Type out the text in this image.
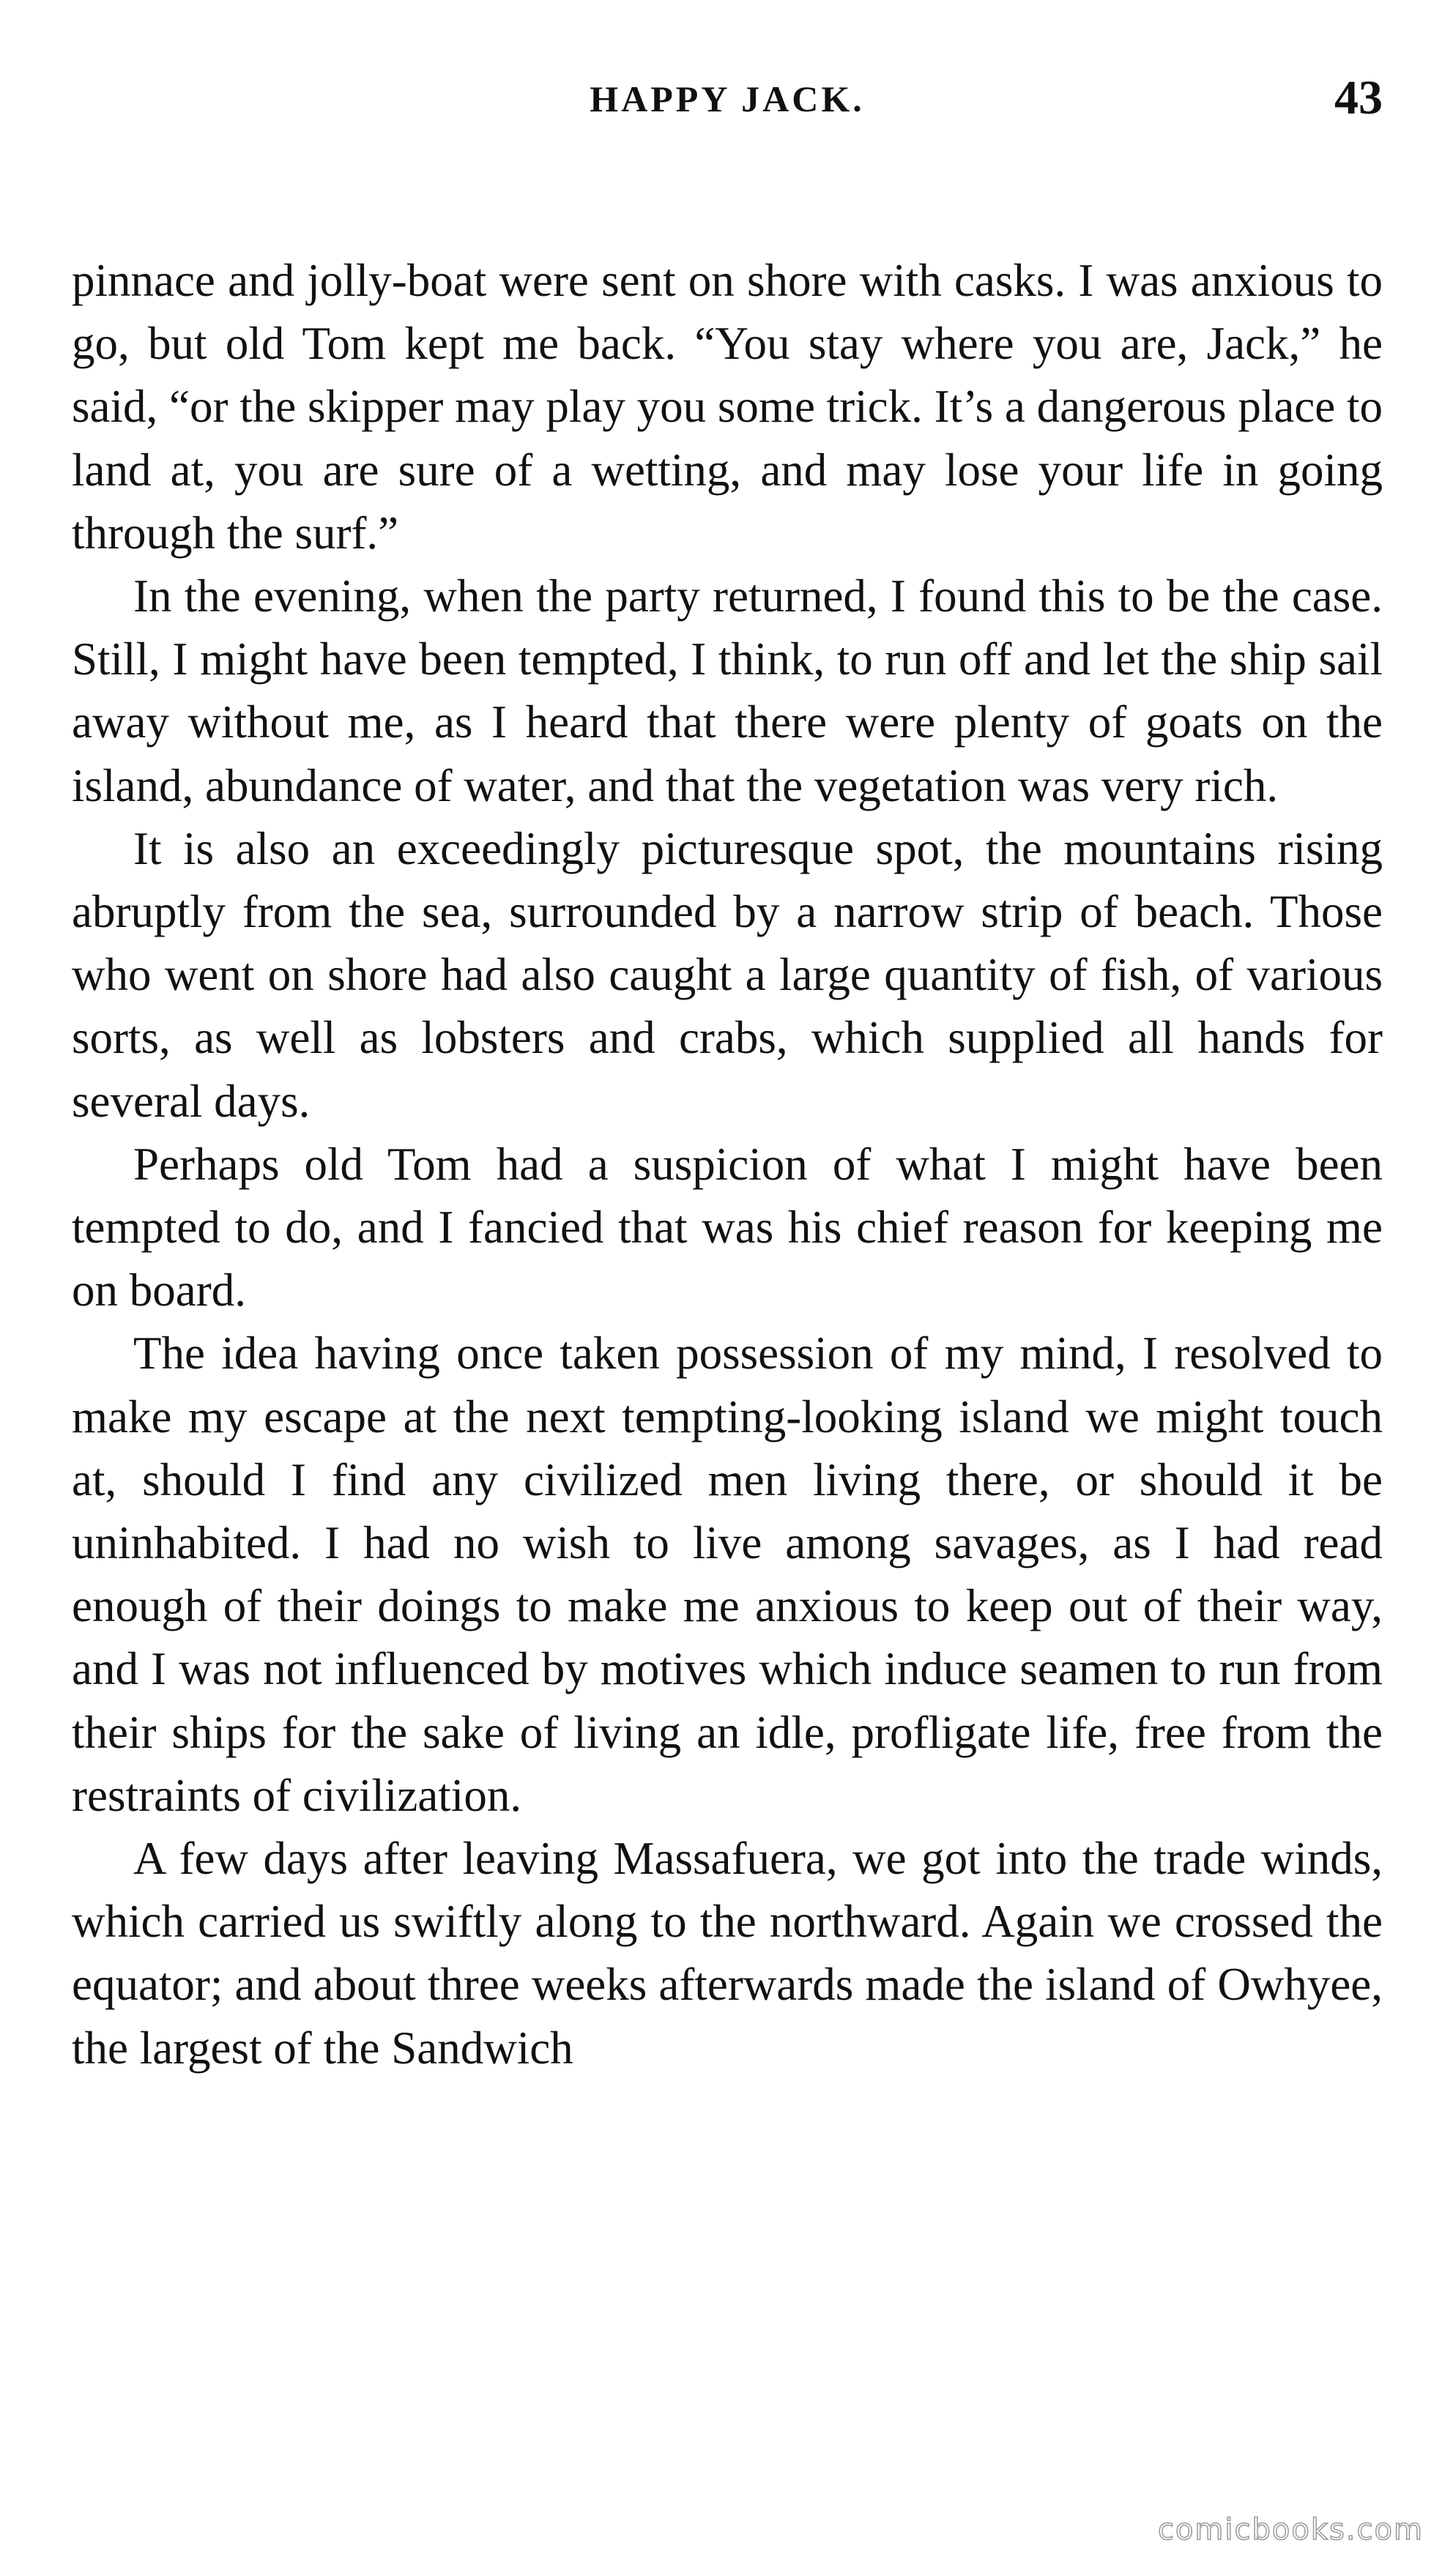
HAPPY JACK.	43

pinnace and jolly-boat were sent on shore with casks. I was anxious to go, but old Tom kept me back. “You stay where you are, Jack,” he said, “or the skipper may play you some trick. It’s a dangerous place to land at, you are sure of a wetting, and may lose your life in going through the surf.”

In the evening, when the party returned, I found this to be the case. Still, I might have been tempted, I think, to run off and let the ship sail away without me, as I heard that there were plenty of goats on the island, abundance of water, and that the vegetation was very rich.

It is also an exceedingly picturesque spot, the mountains rising abruptly from the sea, surrounded by a narrow strip of beach. Those who went on shore had also caught a large quantity of fish, of various sorts, as well as lobsters and crabs, which supplied all hands for several days.

Perhaps old Tom had a suspicion of what I might have been tempted to do, and I fancied that was his chief reason for keeping me on board.

The idea having once taken possession of my mind, I resolved to make my escape at the next tempting-looking island we might touch at, should I find any civilized men living there, or should it be uninhabited. I had no wish to live among savages, as I had read enough of their doings to make me anxious to keep out of their way, and I was not influenced by motives which induce seamen to run from their ships for the sake of living an idle, profligate life, free from the restraints of civilization.

A few days after leaving Massafuera, we got into the trade winds, which carried us swiftly along to the northward. Again we crossed the equator; and about three weeks afterwards made the island of Owhyee, the largest of the Sandwich

comicbooks.com
